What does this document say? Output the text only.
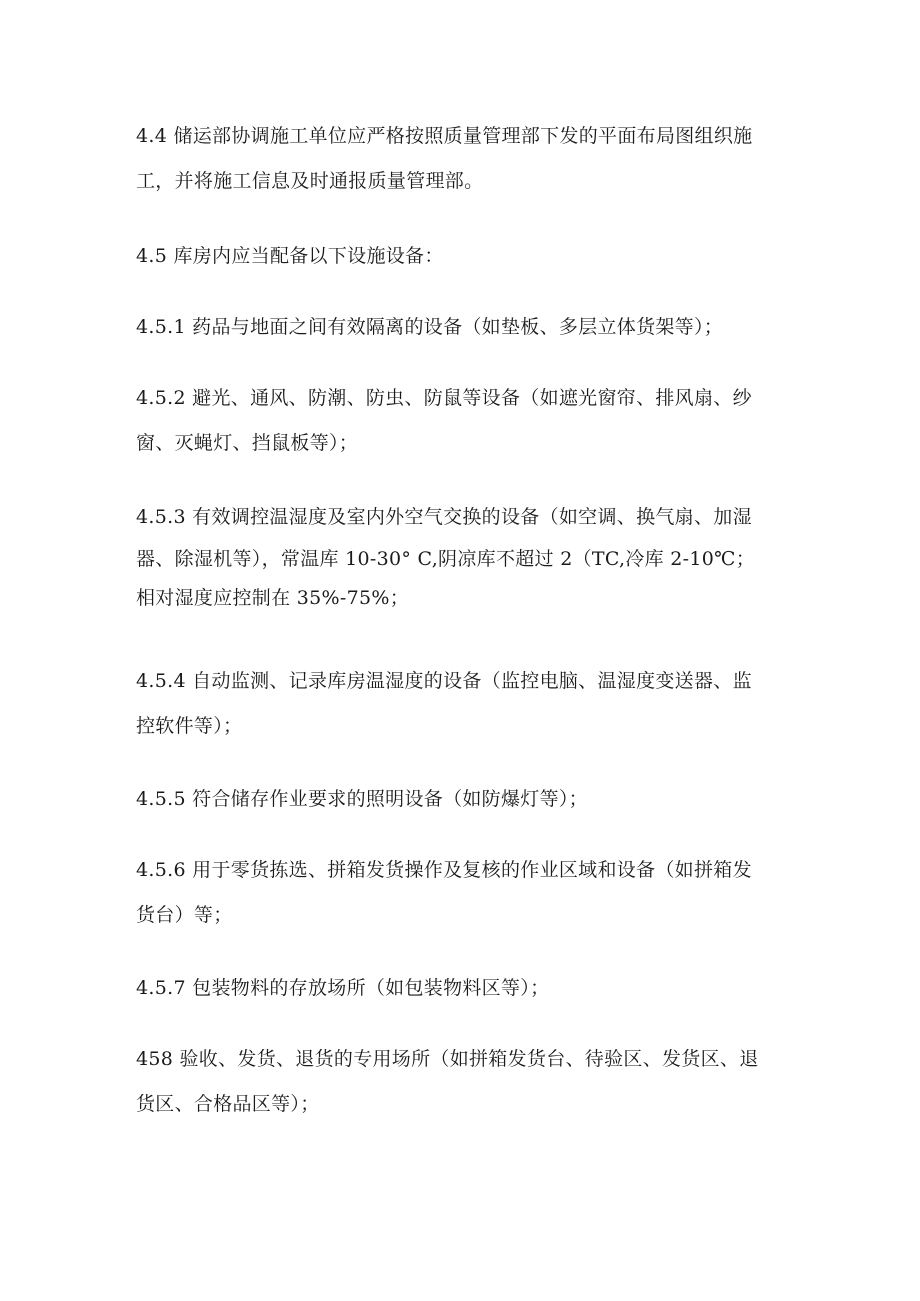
4.4 储运部协调施工单位应严格按照质量管理部下发的平面布局图组织施
工，并将施工信息及时通报质量管理部。

4.5 库房内应当配备以下设施设备：

4.5.1 药品与地面之间有效隔离的设备（如垫板、多层立体货架等）；

4.5.2 避光、通风、防潮、防虫、防鼠等设备（如遮光窗帘、排风扇、纱
窗、灭蝇灯、挡鼠板等）；

4.5.3 有效调控温湿度及室内外空气交换的设备（如空调、换气扇、加湿
器、除湿机等），常温库 10-30° C,阴凉库不超过 2（TC,冷库 2-10℃；
相对湿度应控制在 35%-75%；

4.5.4 自动监测、记录库房温湿度的设备（监控电脑、温湿度变送器、监
控软件等）；

4.5.5 符合储存作业要求的照明设备（如防爆灯等）；

4.5.6 用于零货拣选、拼箱发货操作及复核的作业区域和设备（如拼箱发
货台）等；

4.5.7 包装物料的存放场所（如包装物料区等）；

458 验收、发货、退货的专用场所（如拼箱发货台、待验区、发货区、退
货区、合格品区等）；
